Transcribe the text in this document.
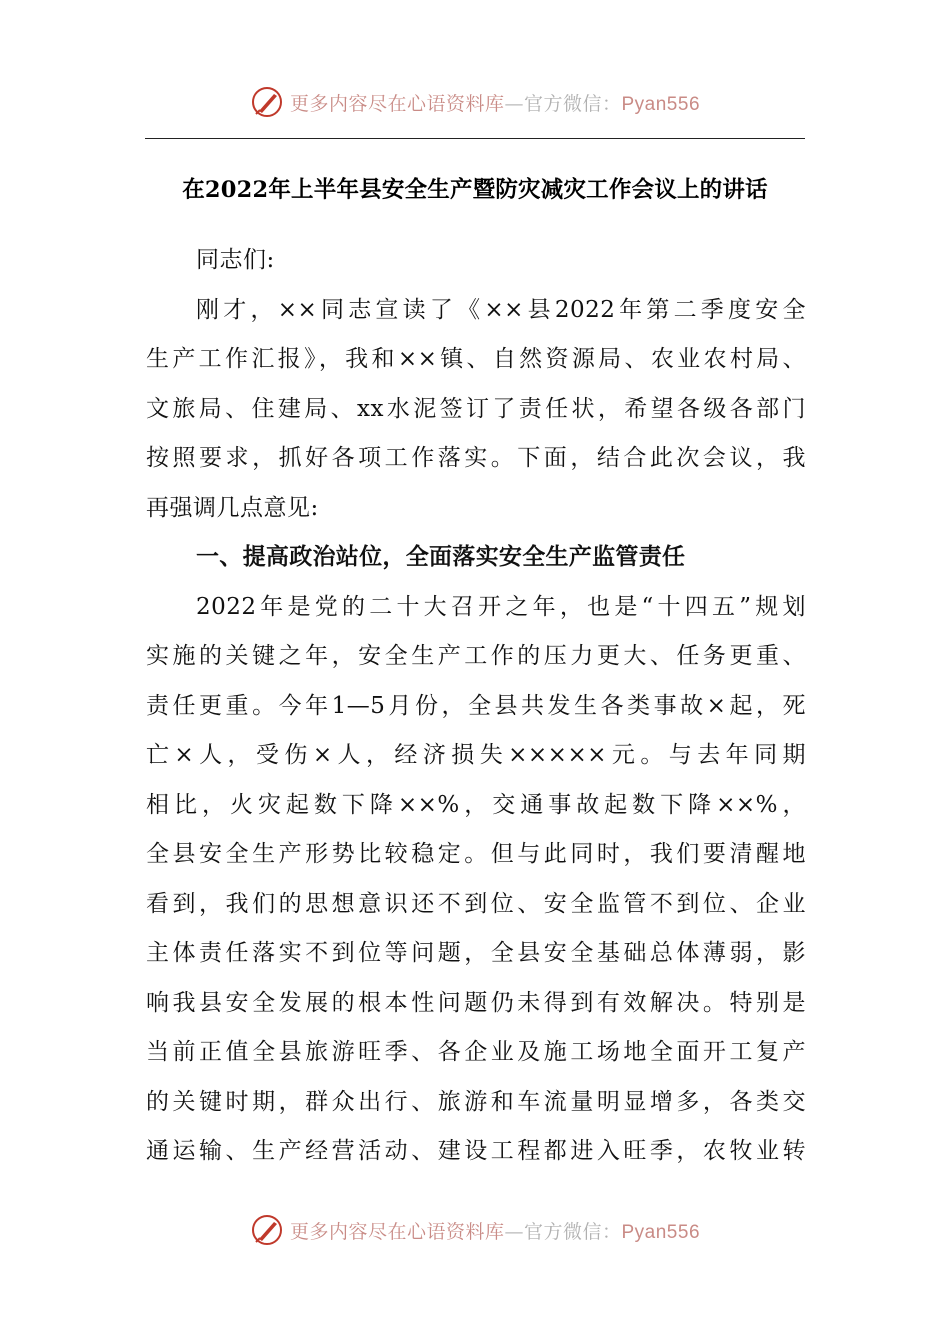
更多内容尽在心语资料库—官方微信：Pyan556
在2022年上半年县安全生产暨防灾减灾工作会议上的讲话
同志们:
刚才，××同志宣读了《××县2022年第二季度安全
生产工作汇报》，我和××镇、自然资源局、农业农村局、
文旅局、住建局、xx水泥签订了责任状，希望各级各部门
按照要求，抓好各项工作落实。下面，结合此次会议，我
再强调几点意见:
一、提高政治站位，全面落实安全生产监管责任
2022年是党的二十大召开之年，也是“十四五”规划
实施的关键之年，安全生产工作的压力更大、任务更重、
责任更重。今年1—5月份，全县共发生各类事故×起，死
亡×人，受伤×人，经济损失×××××元。与去年同期
相比，火灾起数下降××%，交通事故起数下降××%，
全县安全生产形势比较稳定。但与此同时，我们要清醒地
看到，我们的思想意识还不到位、安全监管不到位、企业
主体责任落实不到位等问题，全县安全基础总体薄弱，影
响我县安全发展的根本性问题仍未得到有效解决。特别是
当前正值全县旅游旺季、各企业及施工场地全面开工复产
的关键时期，群众出行、旅游和车流量明显增多，各类交
通运输、生产经营活动、建设工程都进入旺季，农牧业转
更多内容尽在心语资料库—官方微信：Pyan556
